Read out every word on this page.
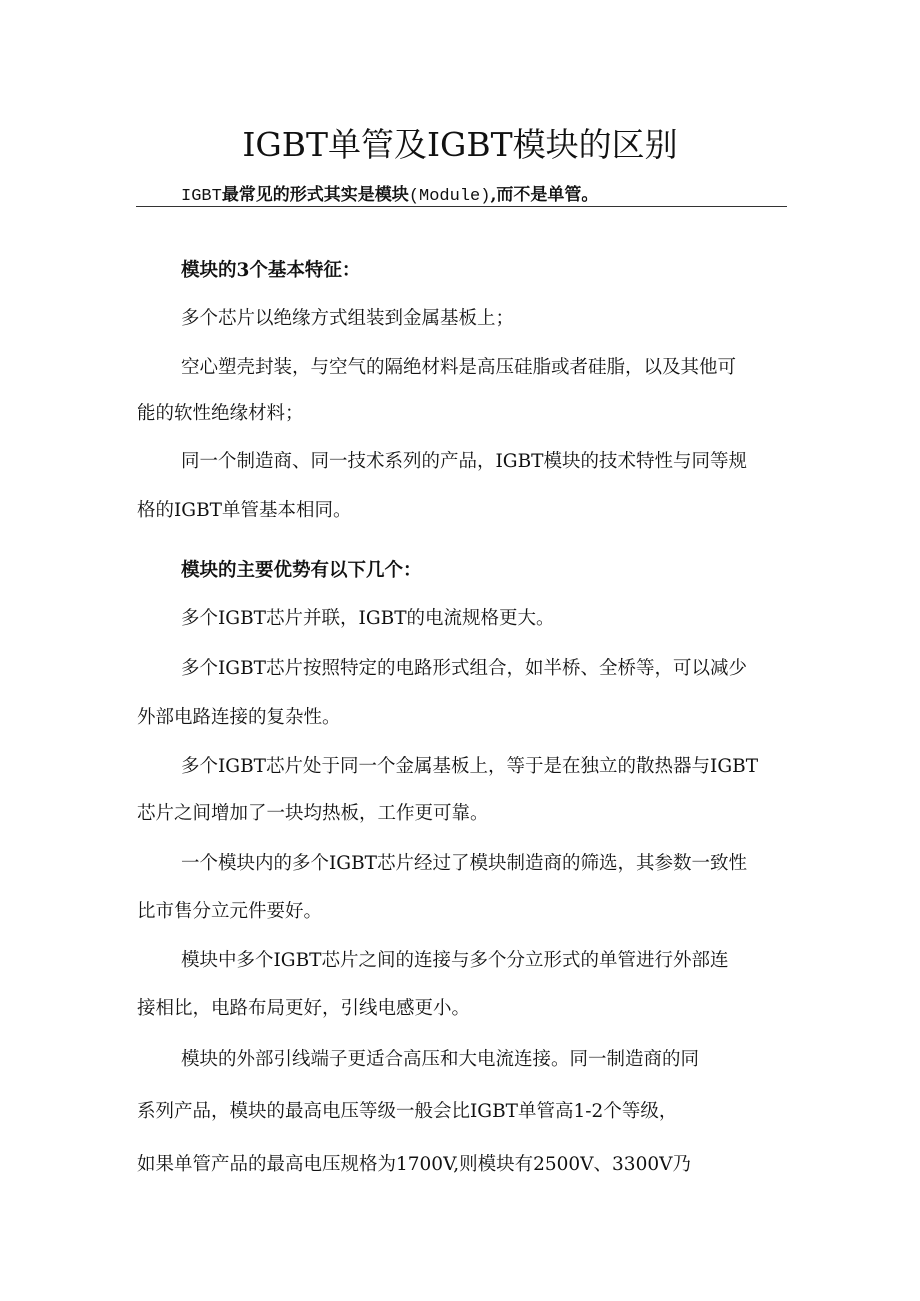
IGBT单管及IGBT模块的区别
IGBT最常见的形式其实是模块(Module),而不是单管。
模块的3个基本特征：
多个芯片以绝缘方式组装到金属基板上；
空心塑壳封装，与空气的隔绝材料是高压硅脂或者硅脂，以及其他可
能的软性绝缘材料；
同一个制造商、同一技术系列的产品，IGBT模块的技术特性与同等规
格的IGBT单管基本相同。
模块的主要优势有以下几个：
多个IGBT芯片并联，IGBT的电流规格更大。
多个IGBT芯片按照特定的电路形式组合，如半桥、全桥等，可以减少
外部电路连接的复杂性。
多个IGBT芯片处于同一个金属基板上，等于是在独立的散热器与IGBT
芯片之间增加了一块均热板，工作更可靠。
一个模块内的多个IGBT芯片经过了模块制造商的筛选，其参数一致性
比市售分立元件要好。
模块中多个IGBT芯片之间的连接与多个分立形式的单管进行外部连
接相比，电路布局更好，引线电感更小。
模块的外部引线端子更适合高压和大电流连接。同一制造商的同
系列产品，模块的最高电压等级一般会比IGBT单管高1-2个等级，
如果单管产品的最高电压规格为1700V,则模块有2500V、3300V乃
